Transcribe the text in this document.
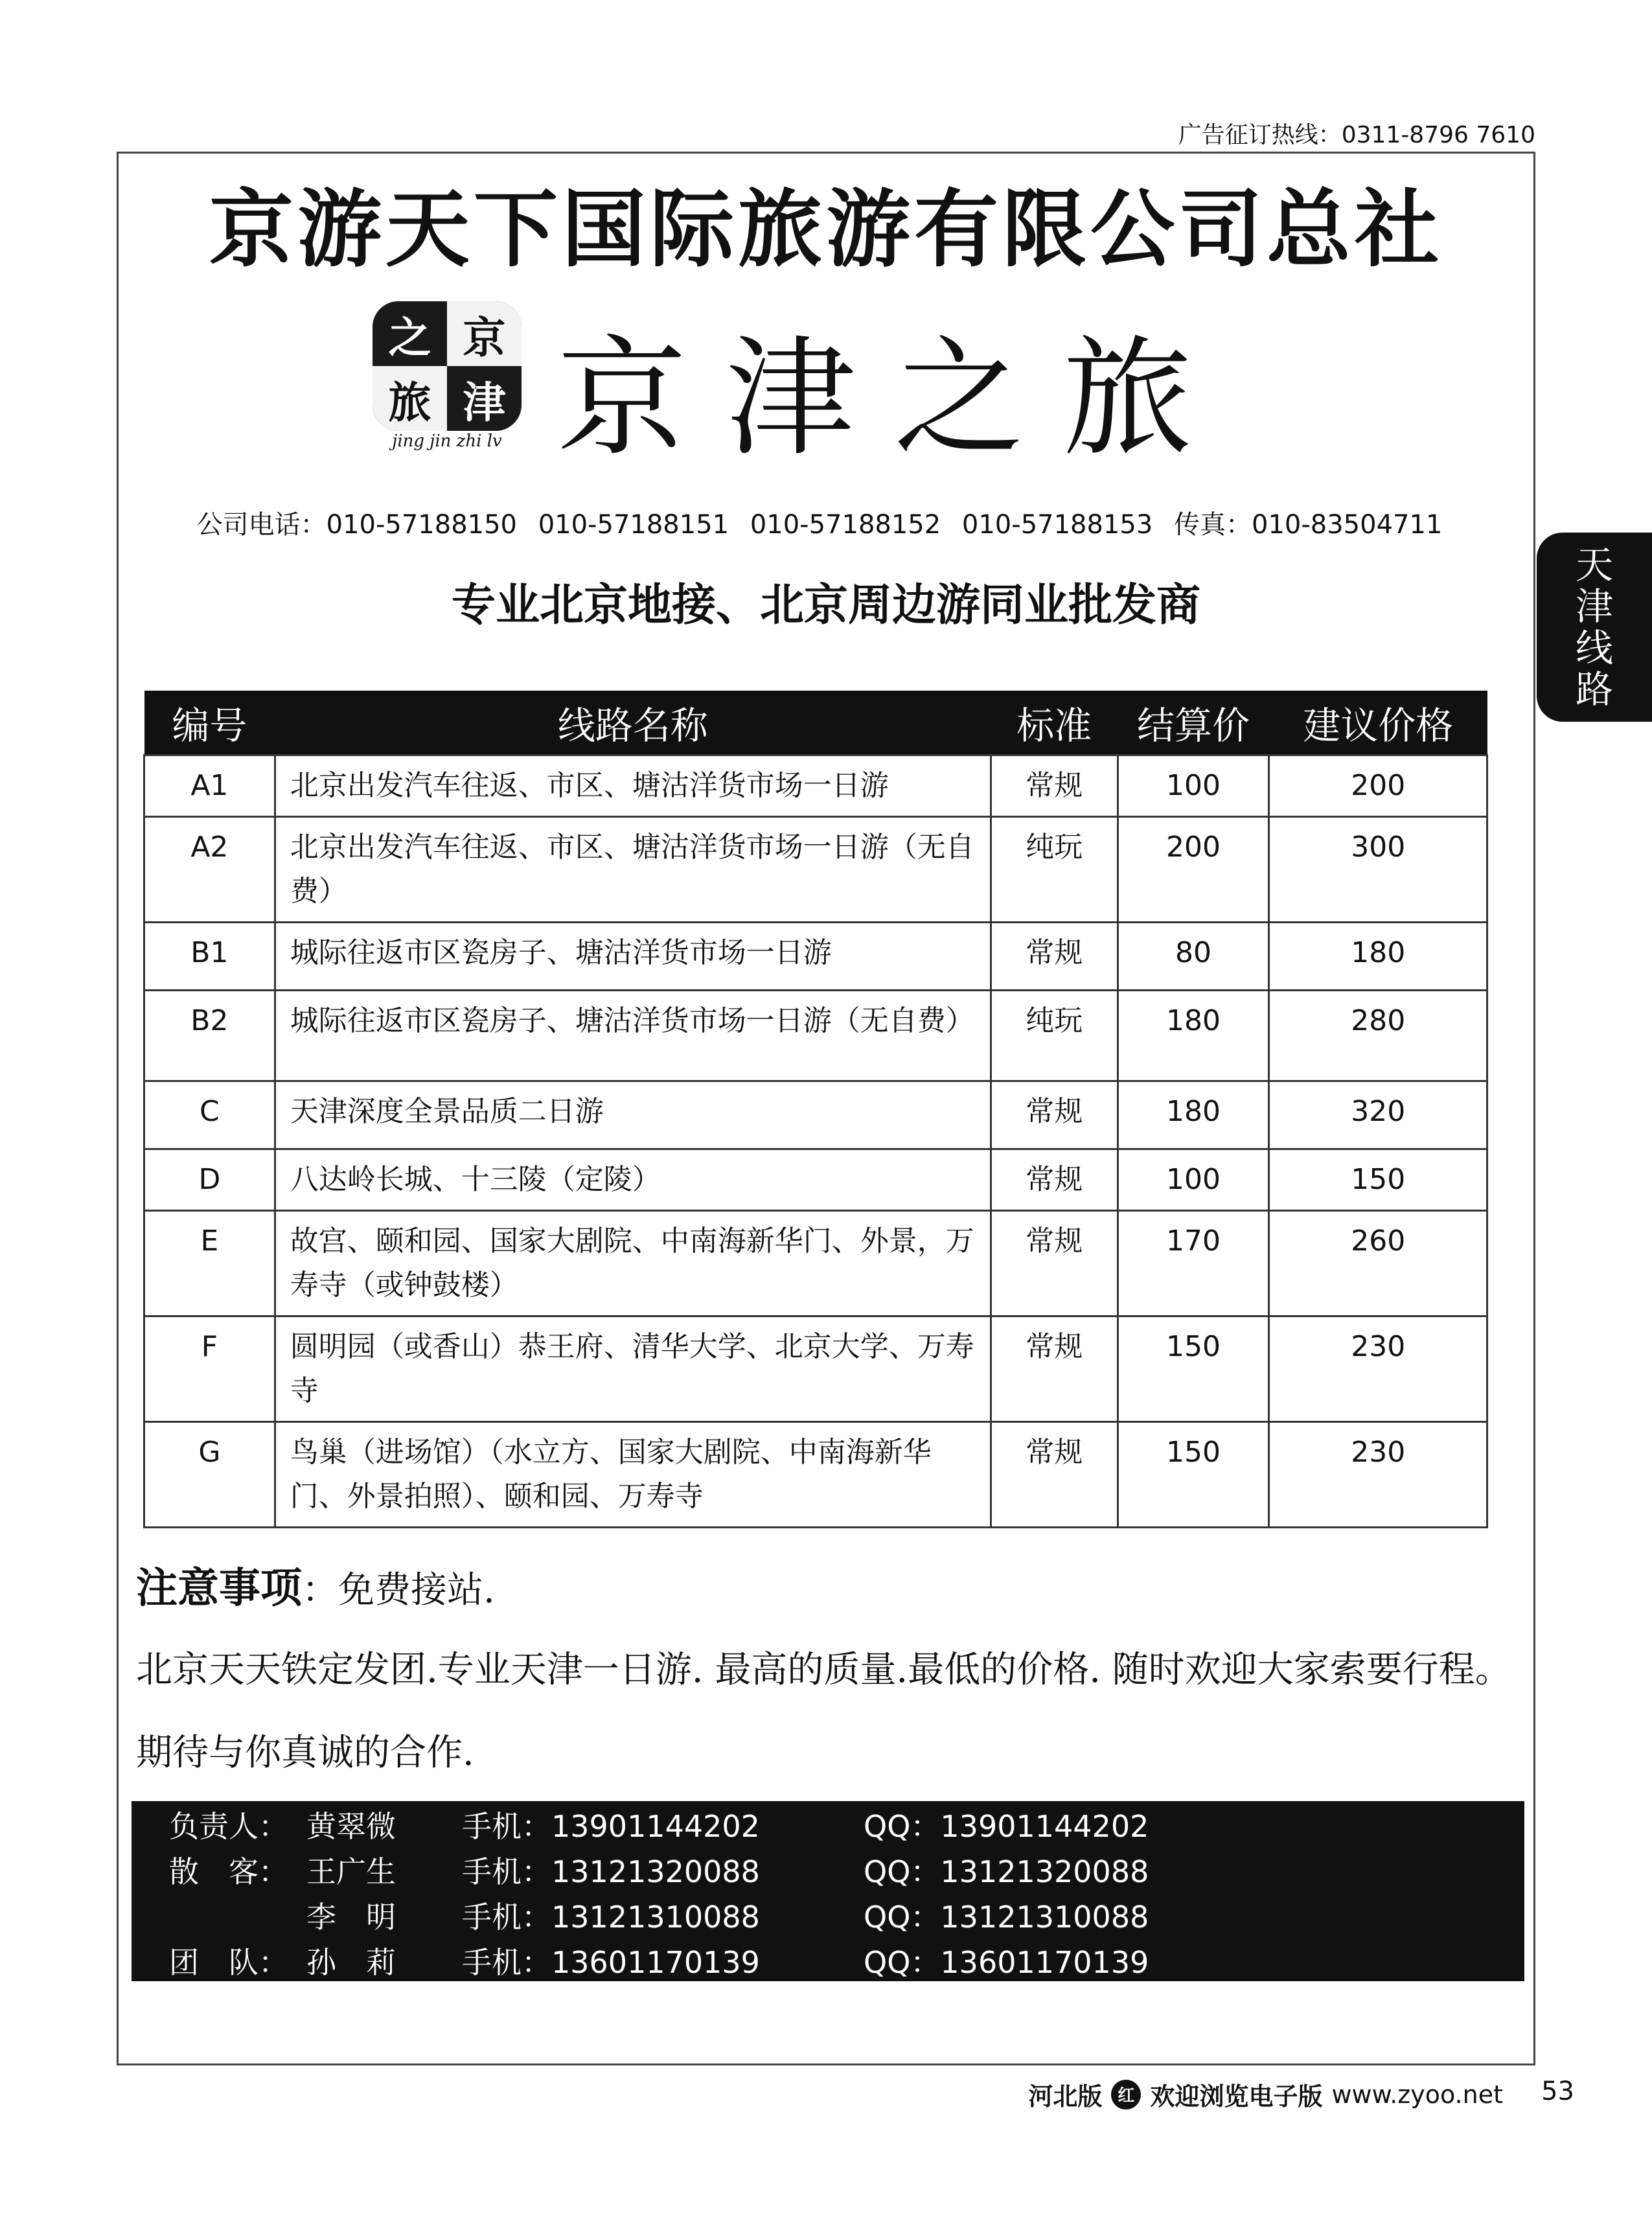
广告征订热线：0311-8796 7610
京游天下国际旅游有限公司总社
之 京
旅 津
jing jin zhi lv 京津之旅
公司电话：010-57188150 010-57188151 010-57188152 010-57188153 传真：010-83504711
专业北京地接、北京周边游同业批发商
天津线路
编号	线路名称	标准	结算价	建议价格
A1	北京出发汽车往返、市区、塘沽洋货市场一日游	常规	100	200
A2	北京出发汽车往返、市区、塘沽洋货市场一日游（无自费）	纯玩	200	300
B1	城际往返市区瓷房子、塘沽洋货市场一日游	常规	80	180
B2	城际往返市区瓷房子、塘沽洋货市场一日游（无自费）	纯玩	180	280
C	天津深度全景品质二日游	常规	180	320
D	八达岭长城、十三陵（定陵）	常规	100	150
E	故宫、颐和园、国家大剧院、中南海新华门、外景，万寿寺（或钟鼓楼）	常规	170	260
F	圆明园（或香山）恭王府、清华大学、北京大学、万寿寺	常规	150	230
G	鸟巢（进场馆）（水立方、国家大剧院、中南海新华门、外景拍照）、颐和园、万寿寺	常规	150	230
注意事项：免费接站.
北京天天铁定发团.专业天津一日游. 最高的质量.最低的价格. 随时欢迎大家索要行程。期待与你真诚的合作.
负责人： 黄翠微 手机：13901144202	QQ：13901144202
散　客： 王广生 手机：13121320088	QQ：13121320088
李　明 手机：13121310088	QQ：13121310088
团　队： 孙　莉 手机：13601170139	QQ：13601170139
河北版 红 欢迎浏览电子版 www.zyoo.net 53
